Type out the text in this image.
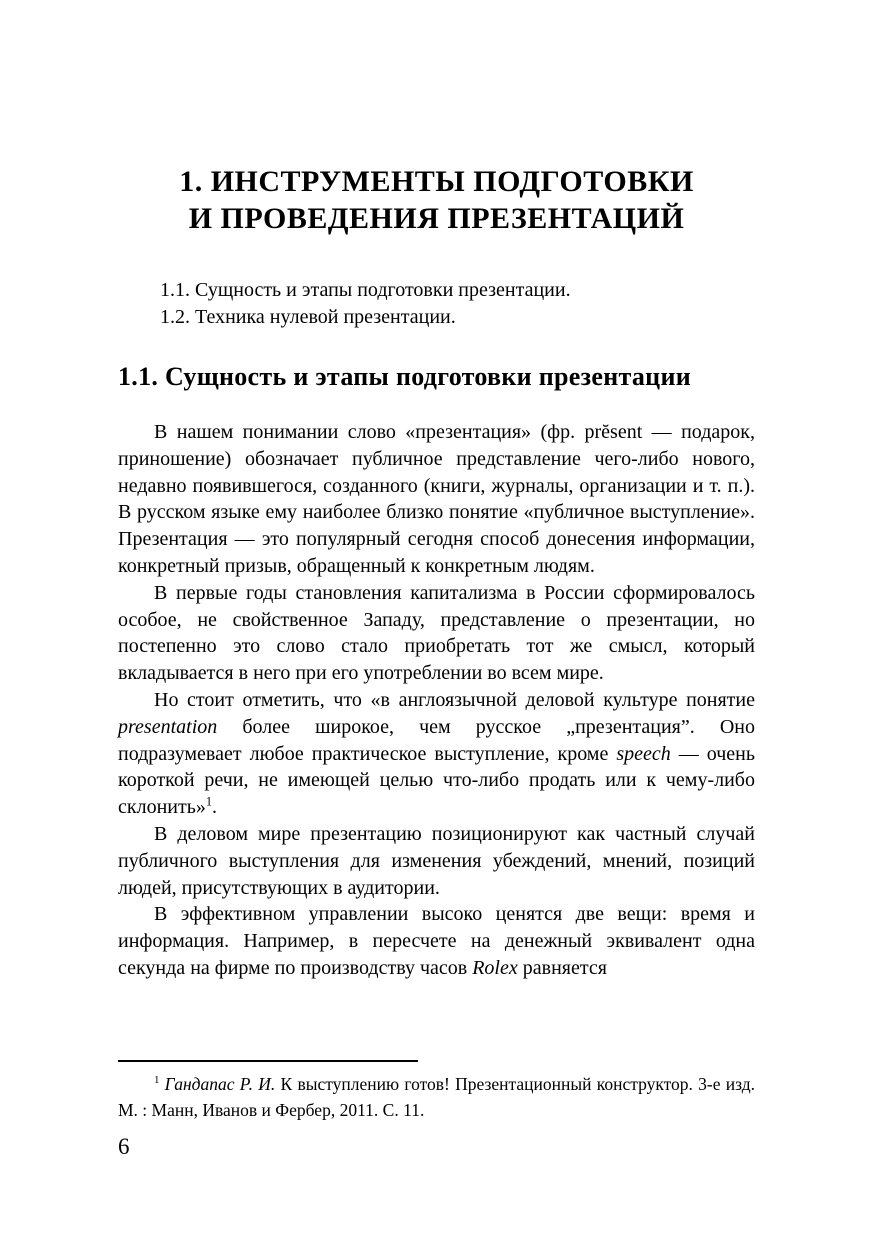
1. ИНСТРУМЕНТЫ ПОДГОТОВКИ
И ПРОВЕДЕНИЯ ПРЕЗЕНТАЦИЙ
1.1. Сущность и этапы подготовки презентации.
1.2. Техника нулевой презентации.
1.1. Сущность и этапы подготовки презентации

В нашем понимании слово «презентация» (фр. prĕsent — подарок, приношение) обозначает публичное представление чего-либо нового, недавно появившегося, созданного (книги, журналы, организации и т. п.). В русском языке ему наиболее близко понятие «публичное выступление». Презентация — это популярный сегодня способ донесения информации, конкретный призыв, обращенный к конкретным людям.

В первые годы становления капитализма в России сформировалось особое, не свойственное Западу, представление о презентации, но постепенно это слово стало приобретать тот же смысл, который вкладывается в него при его употреблении во всем мире.

Но стоит отметить, что «в англоязычной деловой культуре понятие presentation более широкое, чем русское „презентация”. Оно подразумевает любое практическое выступление, кроме speech — очень короткой речи, не имеющей целью что-либо продать или к чему-либо склонить»$^1$.

В деловом мире презентацию позиционируют как частный случай публичного выступления для изменения убеждений, мнений, позиций людей, присутствующих в аудитории.

В эффективном управлении высоко ценятся две вещи: время и информация. Например, в пересчете на денежный эквивалент одна секунда на фирме по производству часов Rolex равняется

$^1$ Гандапас Р. И. К выступлению готов! Презентационный конструктор. 3-е изд. М. : Манн, Иванов и Фербер, 2011. С. 11.

6
